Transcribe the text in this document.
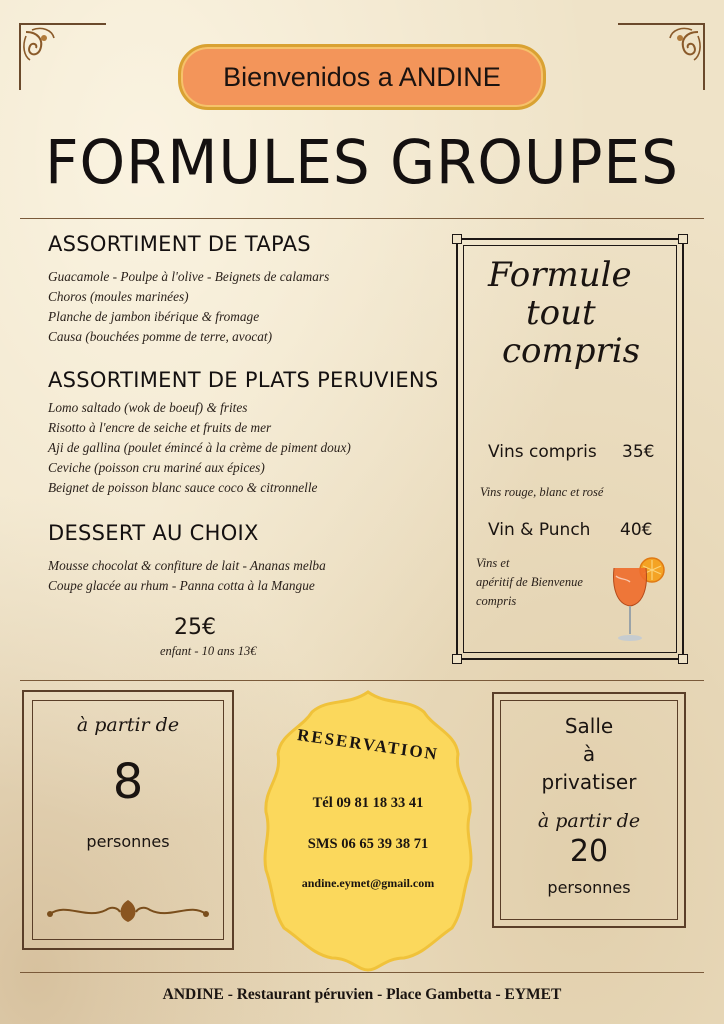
Bienvenidos a ANDINE
FORMULES GROUPES
ASSORTIMENT DE TAPAS
Guacamole - Poulpe à l'olive - Beignets de calamars
Choros (moules marinées)
Planche de jambon ibérique & fromage
Causa (bouchées pomme de terre, avocat)
ASSORTIMENT DE PLATS PERUVIENS
Lomo saltado (wok de boeuf) & frites
Risotto à l'encre de seiche et fruits de mer
Aji de gallina (poulet émincé à la crème de piment doux)
Ceviche (poisson cru mariné aux épices)
Beignet de poisson blanc sauce coco & citronnelle
DESSERT AU CHOIX
Mousse chocolat & confiture de lait - Ananas melba
Coupe glacée au rhum - Panna cotta à la Mangue
25€
enfant - 10 ans 13€
Formule
tout
compris
Vins compris 35€
Vins rouge, blanc et rosé
Vin & Punch 40€
Vins et
apéritif de Bienvenue
compris
à partir de
8
personnes
RESERVATION
Tél 09 81 18 33 41
SMS 06 65 39 38 71
andine.eymet@gmail.com
Salle
à
privatiser
à partir de
20
personnes
ANDINE - Restaurant péruvien - Place Gambetta - EYMET
